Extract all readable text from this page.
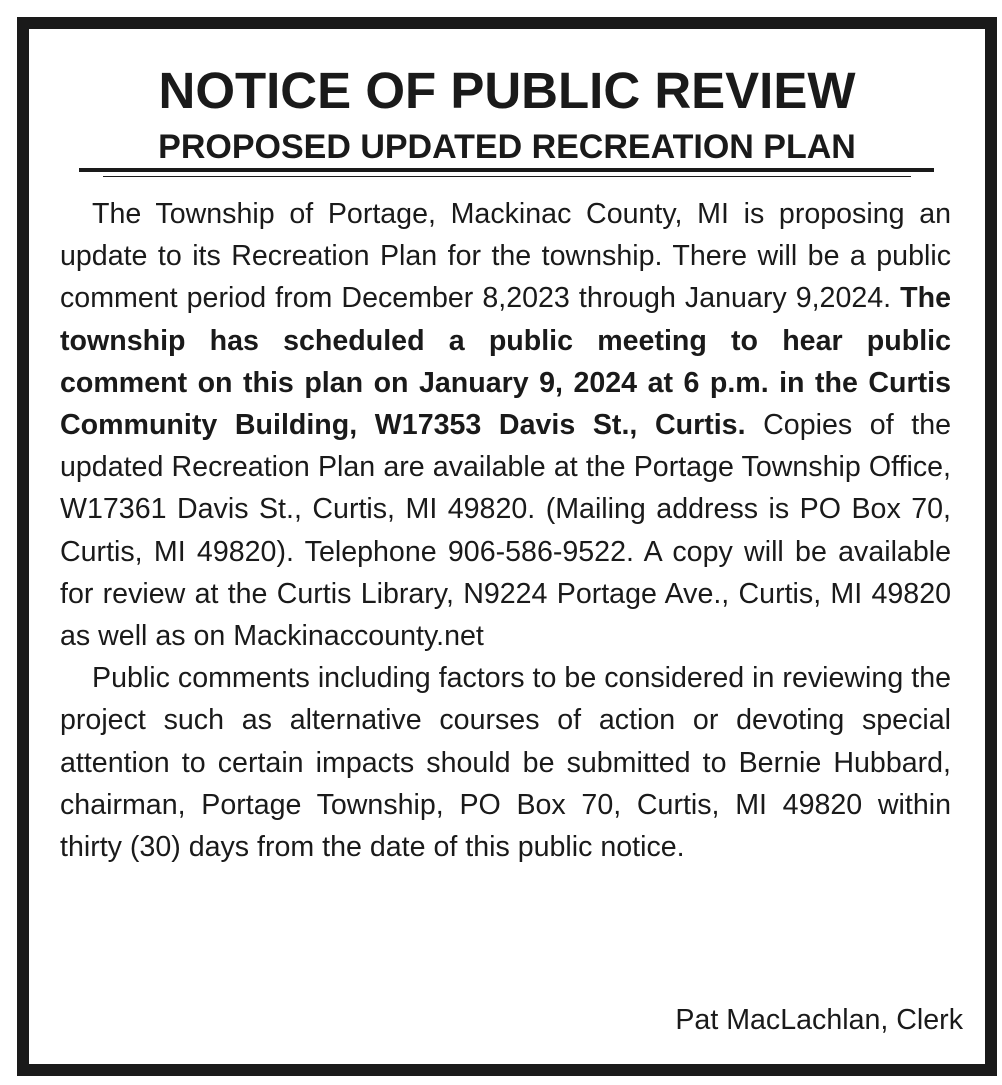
NOTICE OF PUBLIC REVIEW
PROPOSED UPDATED RECREATION PLAN

The Township of Portage, Mackinac County, MI is proposing an update to its Recreation Plan for the township. There will be a public comment period from December 8,2023 through January 9,2024. The township has scheduled a public meeting to hear public comment on this plan on January 9, 2024 at 6 p.m. in the Curtis Community Building, W17353 Davis St., Curtis. Copies of the updated Recreation Plan are available at the Portage Township Office, W17361 Davis St., Curtis, MI 49820. (Mailing address is PO Box 70, Curtis, MI 49820). Telephone 906-586-9522. A copy will be available for review at the Curtis Library, N9224 Portage Ave., Curtis, MI 49820 as well as on Mackinaccounty.net

Public comments including factors to be considered in reviewing the project such as alternative courses of action or devoting special attention to certain impacts should be submitted to Bernie Hubbard, chairman, Portage Township, PO Box 70, Curtis, MI 49820 within thirty (30) days from the date of this public notice.

Pat MacLachlan, Clerk
